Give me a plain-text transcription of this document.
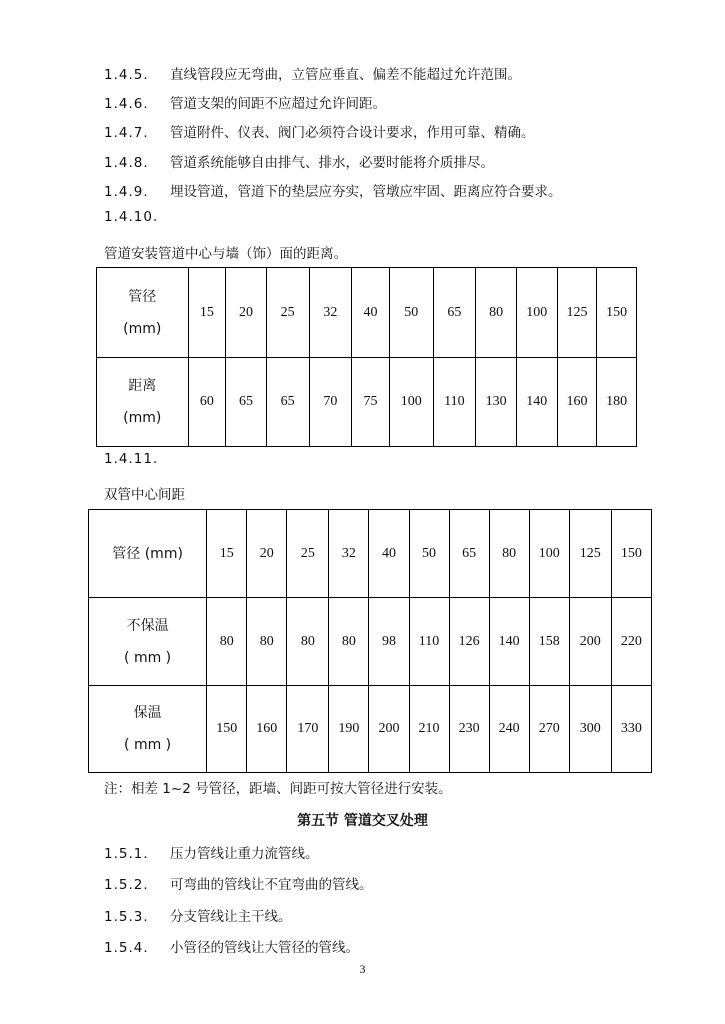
1.4.5. 直线管段应无弯曲，立管应垂直、偏差不能超过允许范围。
1.4.6. 管道支架的间距不应超过允许间距。
1.4.7. 管道附件、仪表、阀门必须符合设计要求，作用可靠、精确。
1.4.8. 管道系统能够自由排气、排水，必要时能将介质排尽。
1.4.9. 埋设管道，管道下的垫层应夯实，管墩应牢固、距离应符合要求。
1.4.10.
管道安装管道中心与墙（饰）面的距离。
管径
(mm)	15	20	25	32	40	50	65	80	100	125	150
距离
(mm)	60	65	65	70	75	100	110	130	140	160	180
1.4.11.
双管中心间距
管径 (mm)	15	20	25	32	40	50	65	80	100	125	150
不保温
( mm )	80	80	80	80	98	110	126	140	158	200	220
保温
( mm )	150	160	170	190	200	210	230	240	270	300	330
注：相差 1~2 号管径，距墙、间距可按大管径进行安装。
第五节 管道交叉处理
1.5.1. 压力管线让重力流管线。
1.5.2. 可弯曲的管线让不宜弯曲的管线。
1.5.3. 分支管线让主干线。
1.5.4. 小管径的管线让大管径的管线。
3
